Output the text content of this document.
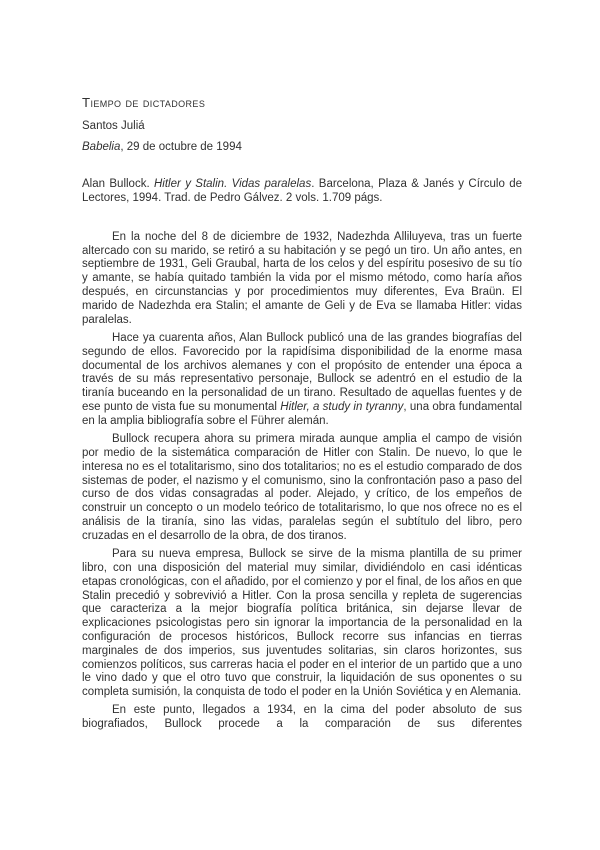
Tiempo de dictadores

Santos Juliá

Babelia, 29 de octubre de 1994

Alan Bullock. Hitler y Stalin. Vidas paralelas. Barcelona, Plaza & Janés y Círculo de Lectores, 1994. Trad. de Pedro Gálvez. 2 vols. 1.709 págs.

En la noche del 8 de diciembre de 1932, Nadezhda Alliluyeva, tras un fuerte altercado con su marido, se retiró a su habitación y se pegó un tiro. Un año antes, en septiembre de 1931, Geli Graubal, harta de los celos y del espíritu posesivo de su tío y amante, se había quitado también la vida por el mismo método, como haría años después, en circunstancias y por procedimientos muy diferentes, Eva Braün. El marido de Nadezhda era Stalin; el amante de Geli y de Eva se llamaba Hitler: vidas paralelas.

Hace ya cuarenta años, Alan Bullock publicó una de las grandes biografías del segundo de ellos. Favorecido por la rapidísima disponibilidad de la enorme masa documental de los archivos alemanes y con el propósito de entender una época a través de su más representativo personaje, Bullock se adentró en el estudio de la tiranía buceando en la personalidad de un tirano. Resultado de aquellas fuentes y de ese punto de vista fue su monumental Hitler, a study in tyranny, una obra fundamental en la amplia bibliografía sobre el Führer alemán.

Bullock recupera ahora su primera mirada aunque amplia el campo de visión por medio de la sistemática comparación de Hitler con Stalin. De nuevo, lo que le interesa no es el totalitarismo, sino dos totalitarios; no es el estudio comparado de dos sistemas de poder, el nazismo y el comunismo, sino la confrontación paso a paso del curso de dos vidas consagradas al poder. Alejado, y crítico, de los empeños de construir un concepto o un modelo teórico de totalitarismo, lo que nos ofrece no es el análisis de la tiranía, sino las vidas, paralelas según el subtítulo del libro, pero cruzadas en el desarrollo de la obra, de dos tiranos.

Para su nueva empresa, Bullock se sirve de la misma plantilla de su primer libro, con una disposición del material muy similar, dividiéndolo en casi idénticas etapas cronológicas, con el añadido, por el comienzo y por el final, de los años en que Stalin precedió y sobrevivió a Hitler. Con la prosa sencilla y repleta de sugerencias que caracteriza a la mejor biografía política británica, sin dejarse llevar de explicaciones psicologistas pero sin ignorar la importancia de la personalidad en la configuración de procesos históricos, Bullock recorre sus infancias en tierras marginales de dos imperios, sus juventudes solitarias, sin claros horizontes, sus comienzos políticos, sus carreras hacia el poder en el interior de un partido que a uno le vino dado y que el otro tuvo que construir, la liquidación de sus oponentes o su completa sumisión, la conquista de todo el poder en la Unión Soviética y en Alemania.

En este punto, llegados a 1934, en la cima del poder absoluto de sus biografiados, Bullock procede a la comparación de sus diferentes
